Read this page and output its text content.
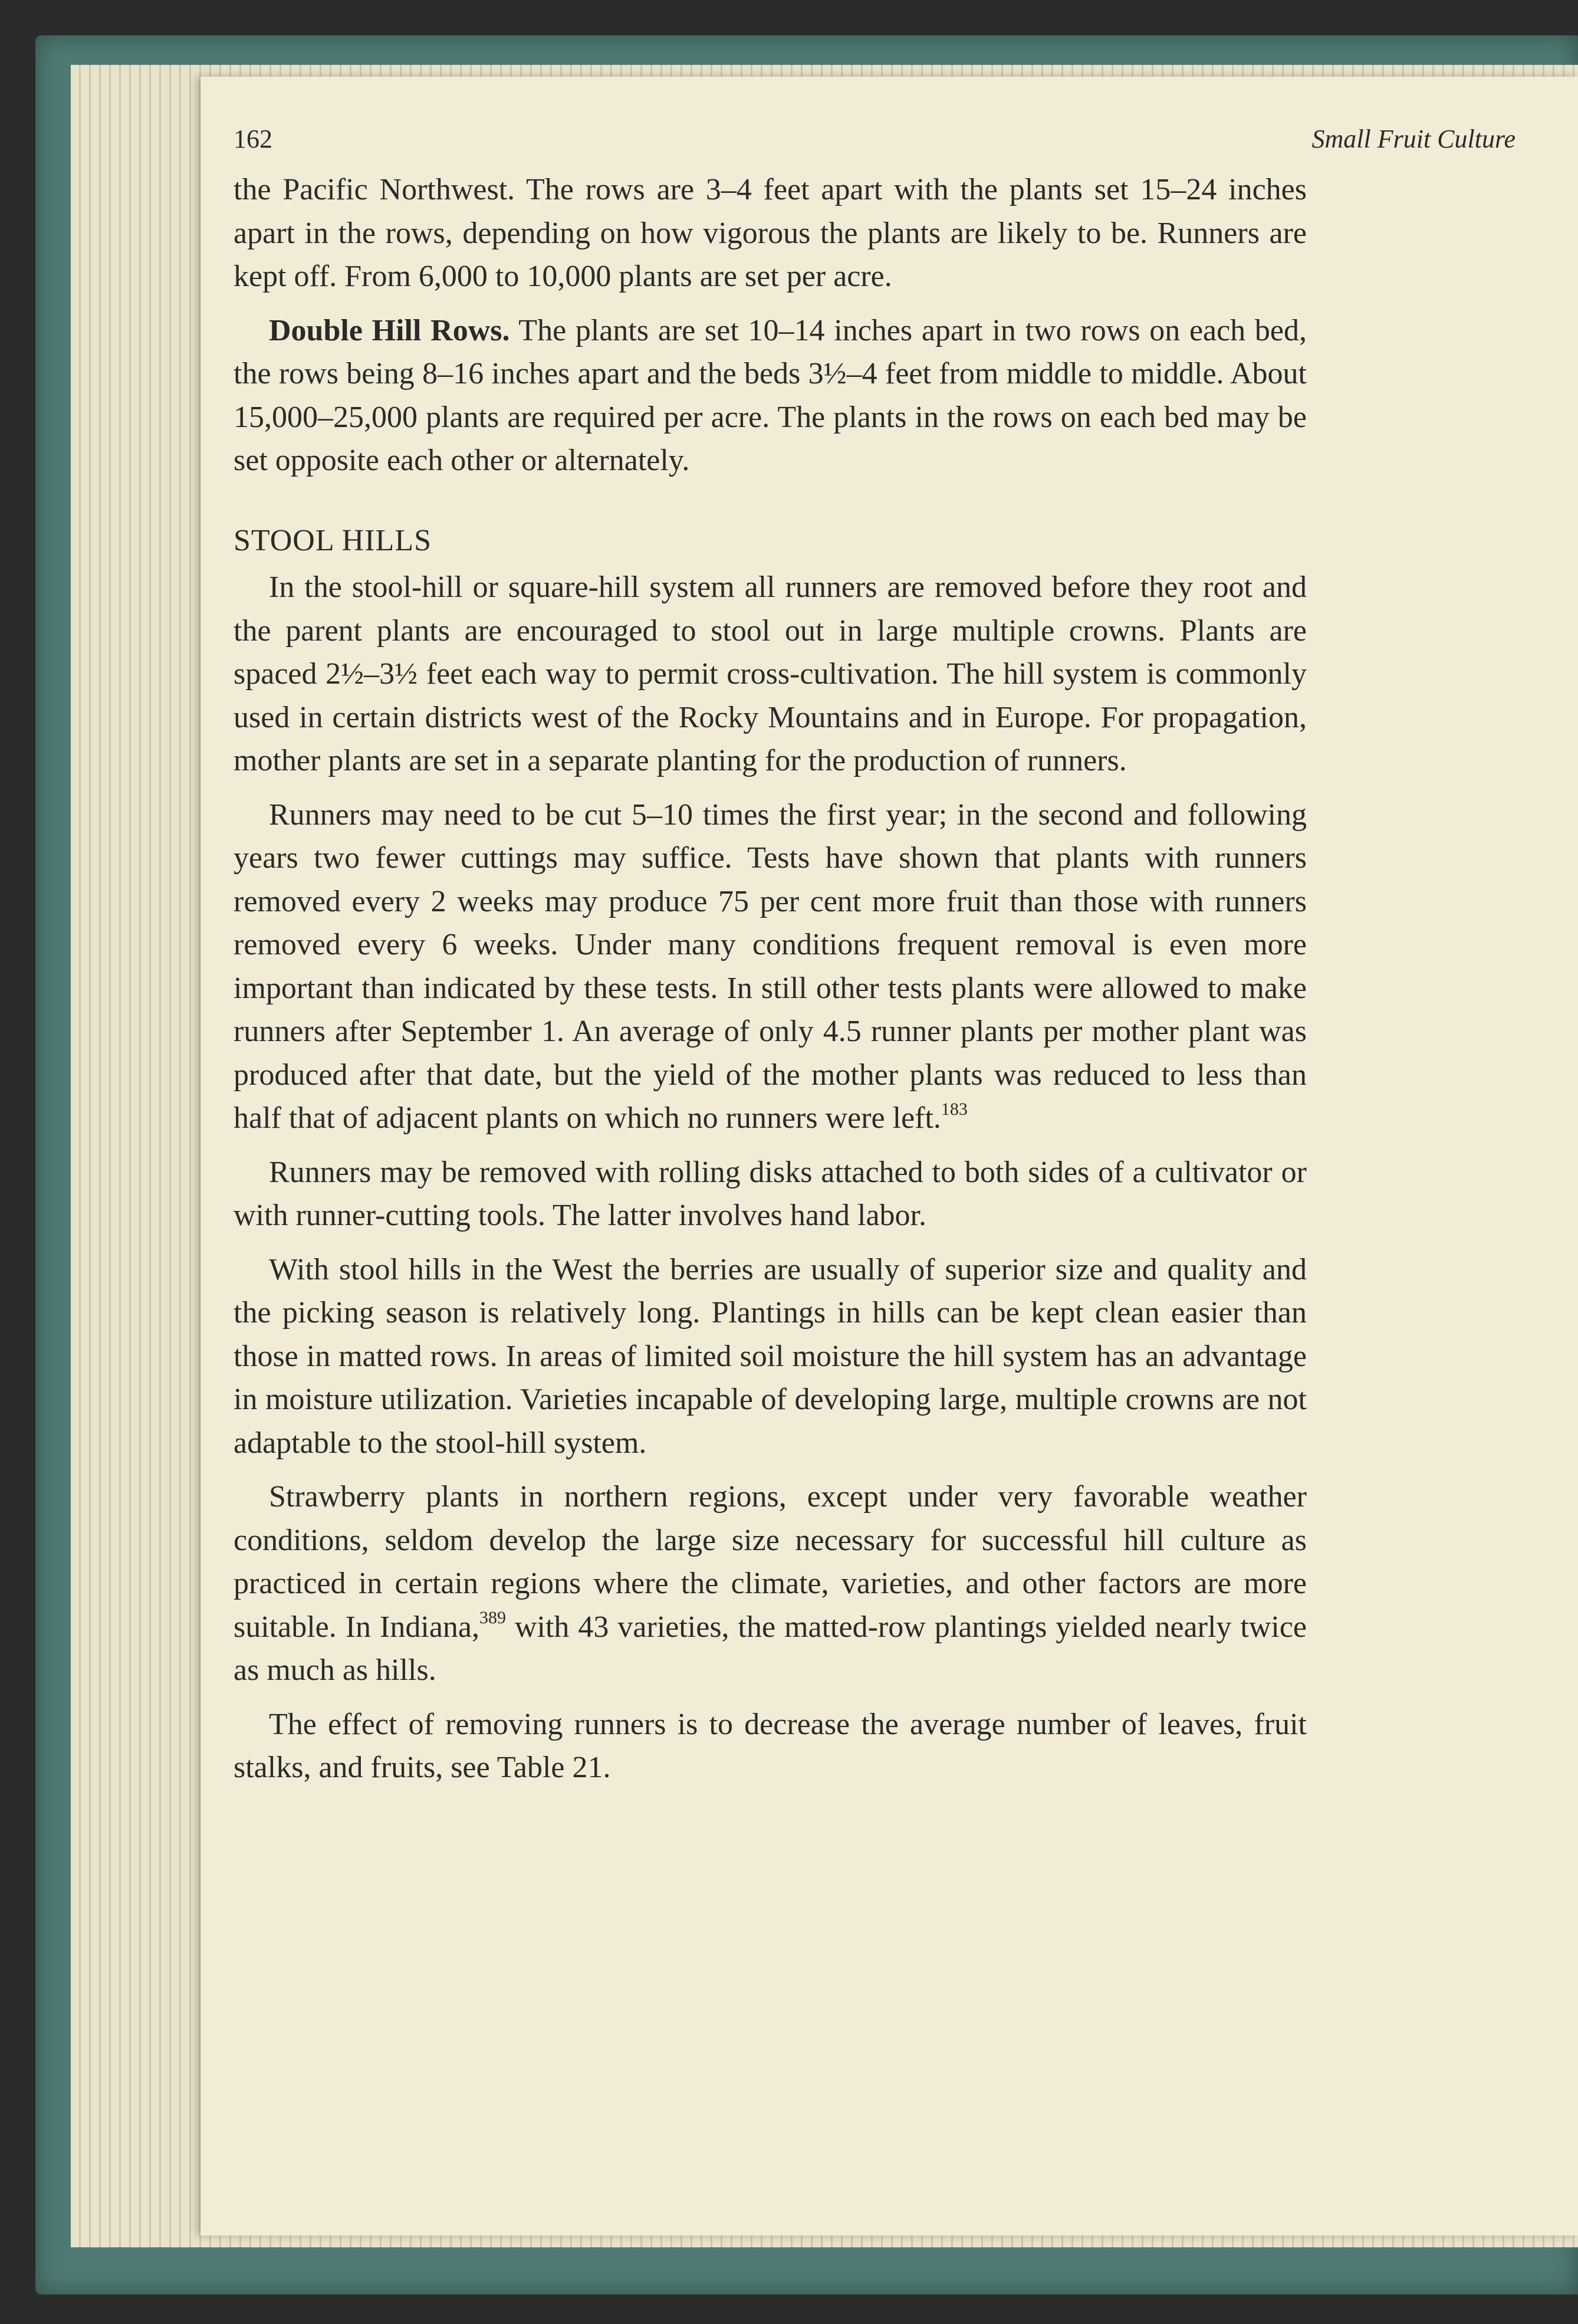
162	Small Fruit Culture

the Pacific Northwest. The rows are 3–4 feet apart with the plants set 15–24 inches apart in the rows, depending on how vigorous the plants are likely to be. Runners are kept off. From 6,000 to 10,000 plants are set per acre.

Double Hill Rows. The plants are set 10–14 inches apart in two rows on each bed, the rows being 8–16 inches apart and the beds 3½–4 feet from middle to middle. About 15,000–25,000 plants are required per acre. The plants in the rows on each bed may be set opposite each other or alternately.

STOOL HILLS

In the stool-hill or square-hill system all runners are removed before they root and the parent plants are encouraged to stool out in large multiple crowns. Plants are spaced 2½–3½ feet each way to permit cross-cultivation. The hill system is commonly used in certain districts west of the Rocky Mountains and in Europe. For propagation, mother plants are set in a separate planting for the production of runners.

Runners may need to be cut 5–10 times the first year; in the second and following years two fewer cuttings may suffice. Tests have shown that plants with runners removed every 2 weeks may produce 75 per cent more fruit than those with runners removed every 6 weeks. Under many conditions frequent removal is even more important than indicated by these tests. In still other tests plants were allowed to make runners after September 1. An average of only 4.5 runner plants per mother plant was produced after that date, but the yield of the mother plants was reduced to less than half that of adjacent plants on which no runners were left.$^{183}$

Runners may be removed with rolling disks attached to both sides of a cultivator or with runner-cutting tools. The latter involves hand labor.

With stool hills in the West the berries are usually of superior size and quality and the picking season is relatively long. Plantings in hills can be kept clean easier than those in matted rows. In areas of limited soil moisture the hill system has an advantage in moisture utilization. Varieties incapable of developing large, multiple crowns are not adaptable to the stool-hill system.

Strawberry plants in northern regions, except under very favorable weather conditions, seldom develop the large size necessary for successful hill culture as practiced in certain regions where the climate, varieties, and other factors are more suitable. In Indiana,$^{389}$ with 43 varieties, the matted-row plantings yielded nearly twice as much as hills.

The effect of removing runners is to decrease the average number of leaves, fruit stalks, and fruits, see Table 21.
